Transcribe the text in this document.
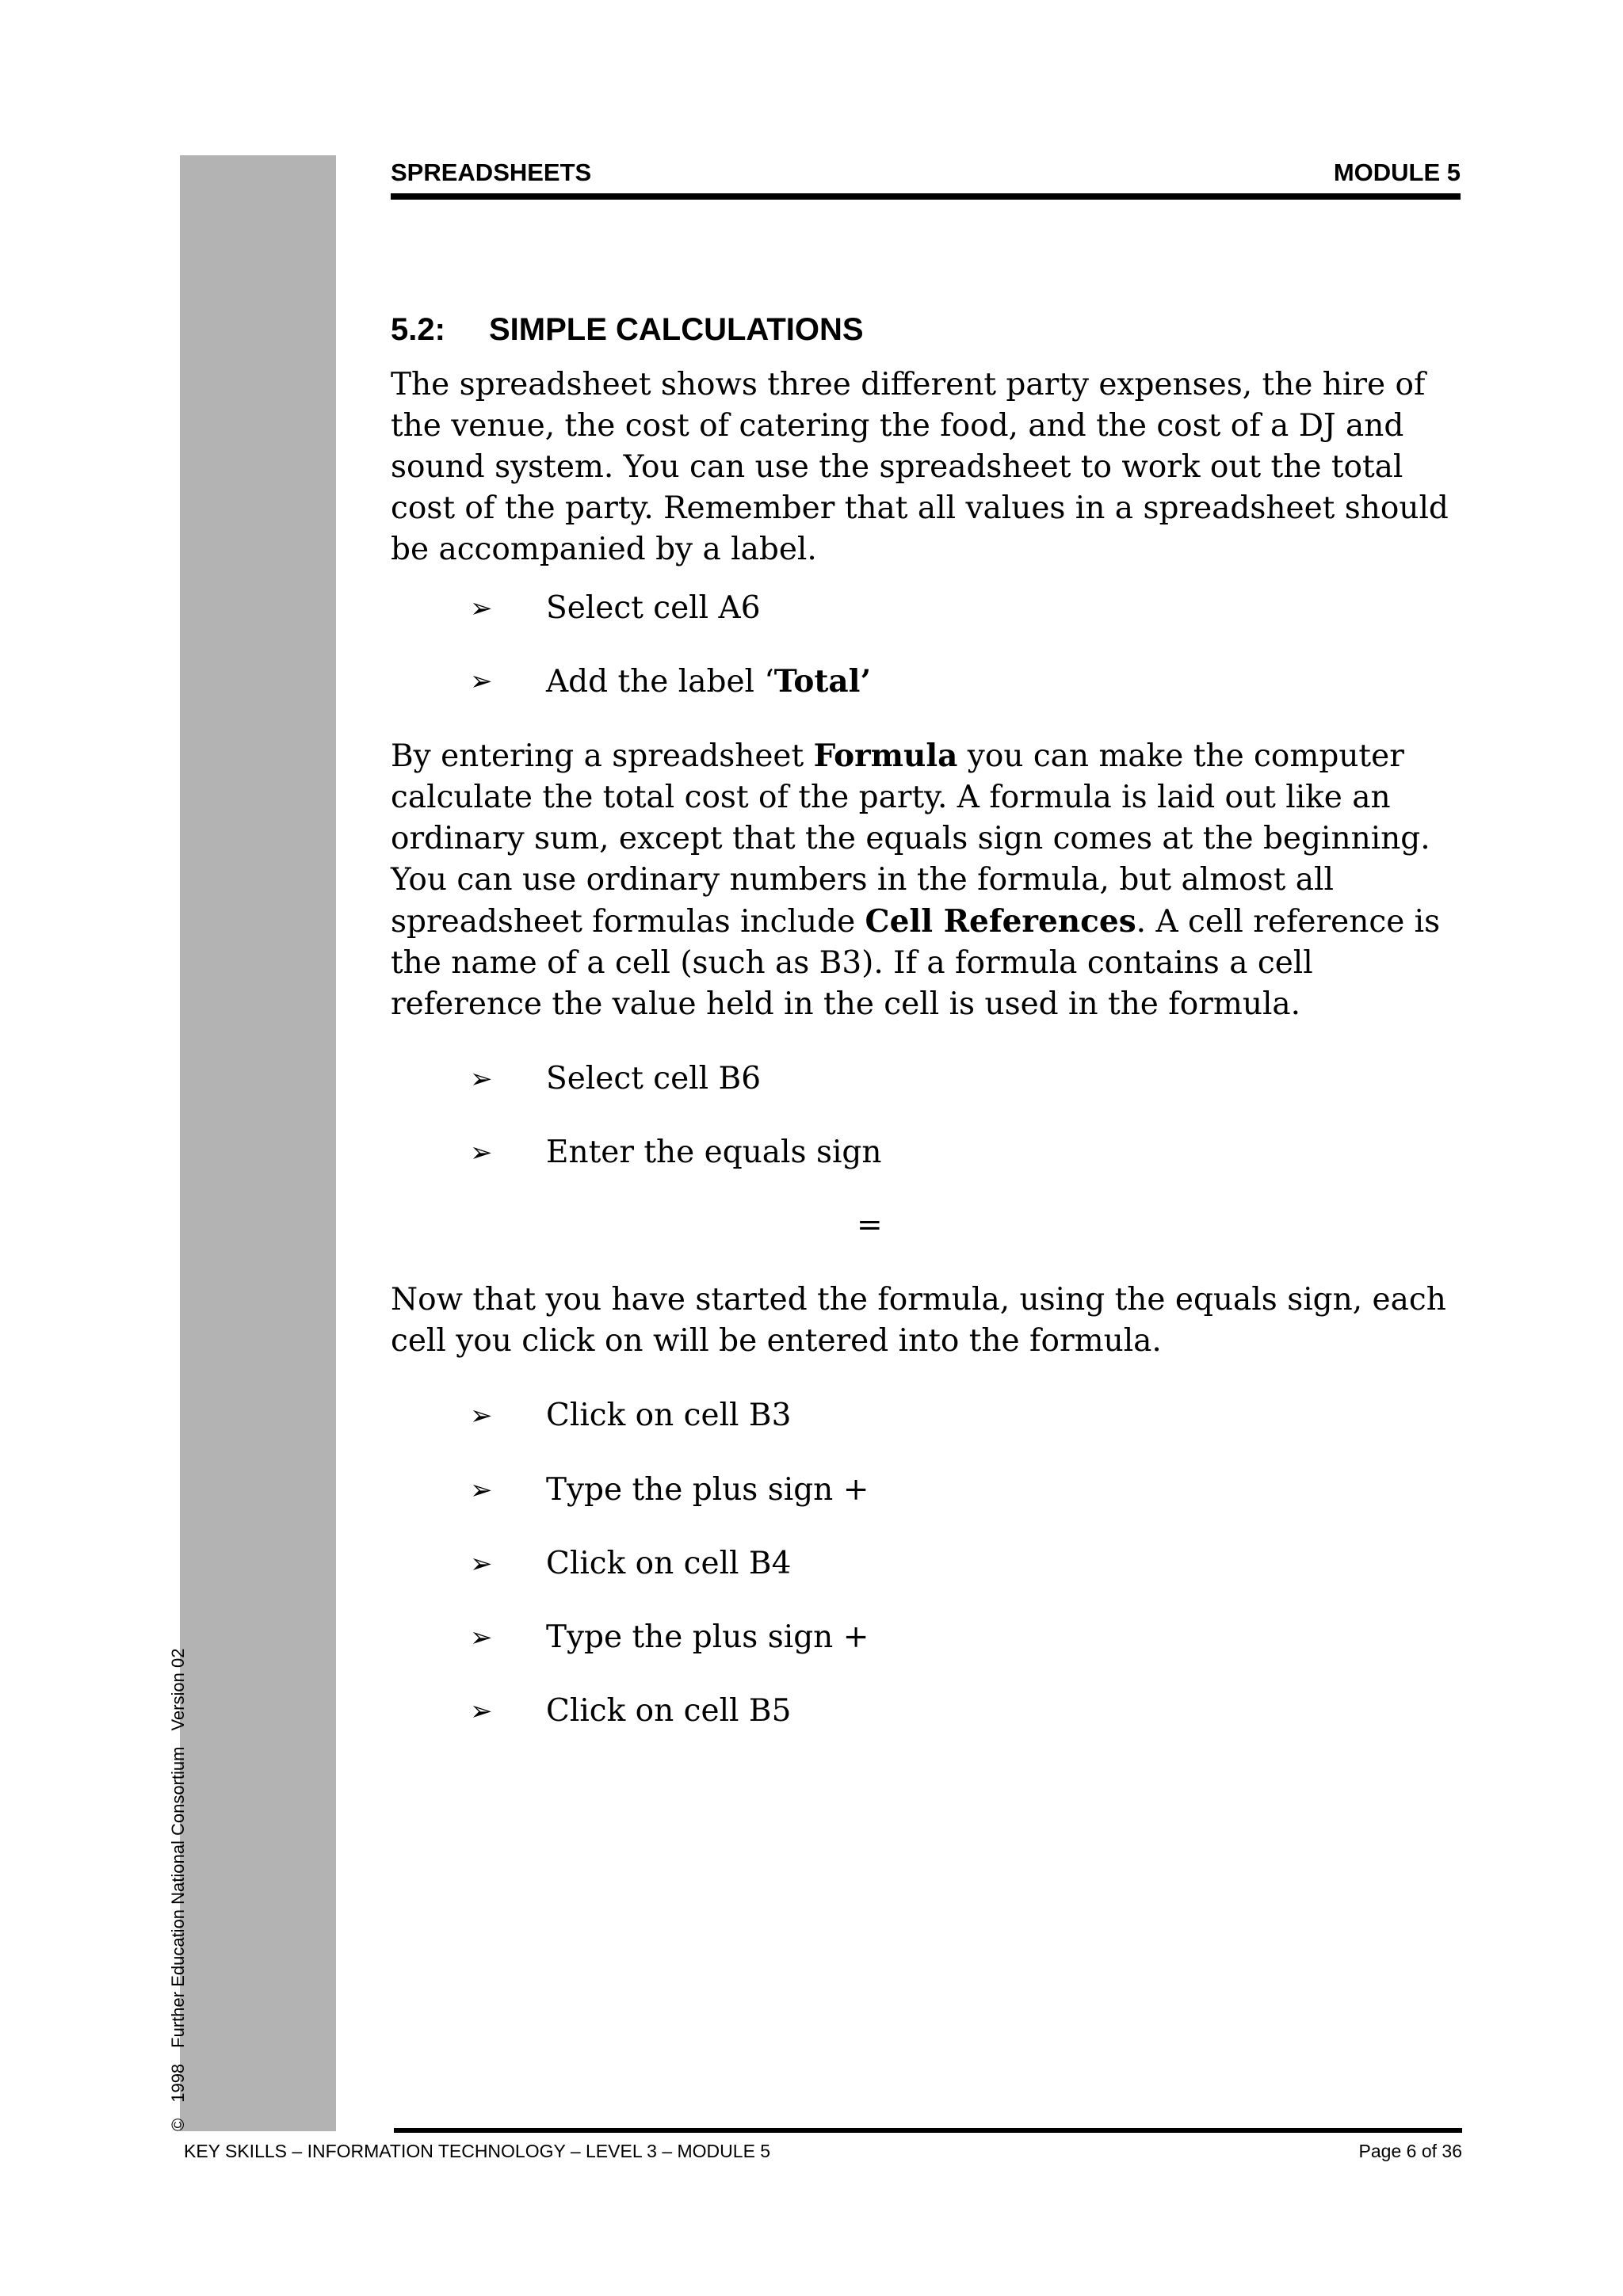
©1998Further Education National ConsortiumVersion 02
SPREADSHEETS	MODULE 5
5.2: SIMPLE CALCULATIONS

The spreadsheet shows three different party expenses, the hire of the venue, the cost of catering the food, and the cost of a DJ and sound system. You can use the spreadsheet to work out the total cost of the party. Remember that all values in a spreadsheet should be accompanied by a label.

➢ Select cell A6
➢ Add the label ‘Total’

By entering a spreadsheet Formula you can make the computer calculate the total cost of the party. A formula is laid out like an ordinary sum, except that the equals sign comes at the beginning. You can use ordinary numbers in the formula, but almost all spreadsheet formulas include Cell References. A cell reference is the name of a cell (such as B3). If a formula contains a cell reference the value held in the cell is used in the formula.

➢ Select cell B6
➢ Enter the equals sign
=

Now that you have started the formula, using the equals sign, each cell you click on will be entered into the formula.

➢ Click on cell B3
➢ Type the plus sign +
➢ Click on cell B4
➢ Type the plus sign +
➢ Click on cell B5
KEY SKILLS – INFORMATION TECHNOLOGY – LEVEL 3 – MODULE 5	Page 6 of 36
